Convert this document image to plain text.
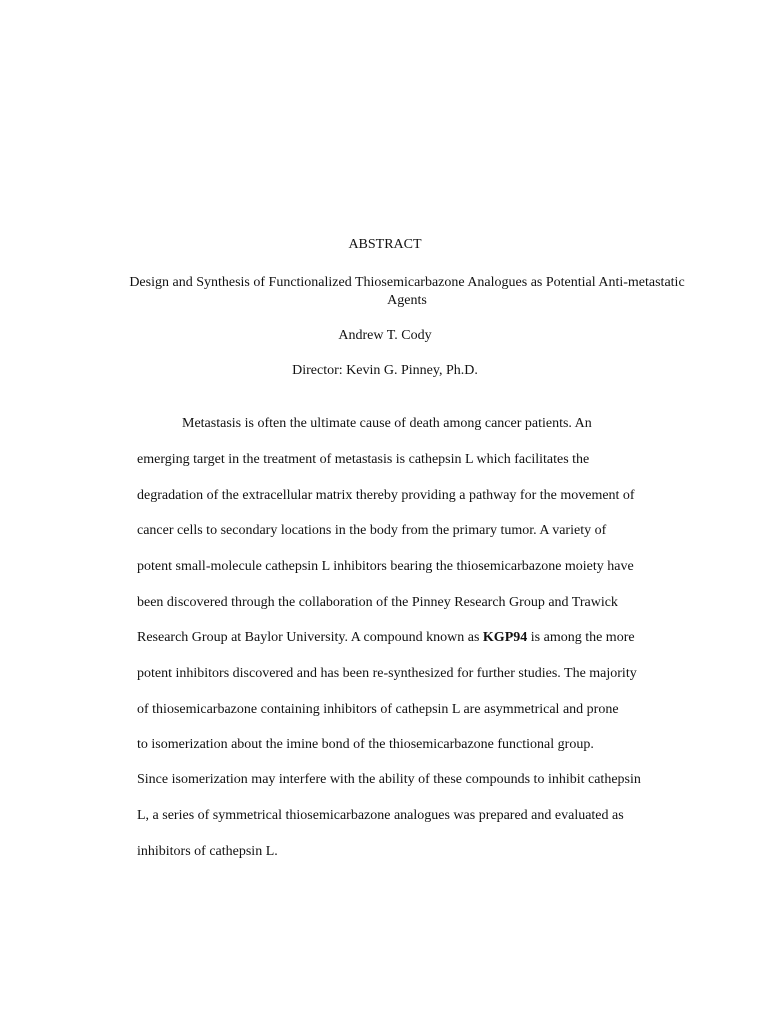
ABSTRACT
Design and Synthesis of Functionalized Thiosemicarbazone Analogues as Potential Anti-metastatic Agents
Andrew T. Cody
Director: Kevin G. Pinney, Ph.D.
Metastasis is often the ultimate cause of death among cancer patients. An
emerging target in the treatment of metastasis is cathepsin L which facilitates the
degradation of the extracellular matrix thereby providing a pathway for the movement of
cancer cells to secondary locations in the body from the primary tumor. A variety of
potent small-molecule cathepsin L inhibitors bearing the thiosemicarbazone moiety have
been discovered through the collaboration of the Pinney Research Group and Trawick
Research Group at Baylor University. A compound known as KGP94 is among the more
potent inhibitors discovered and has been re-synthesized for further studies. The majority
of thiosemicarbazone containing inhibitors of cathepsin L are asymmetrical and prone
to isomerization about the imine bond of the thiosemicarbazone functional group.
Since isomerization may interfere with the ability of these compounds to inhibit cathepsin
L, a series of symmetrical thiosemicarbazone analogues was prepared and evaluated as
inhibitors of cathepsin L.
